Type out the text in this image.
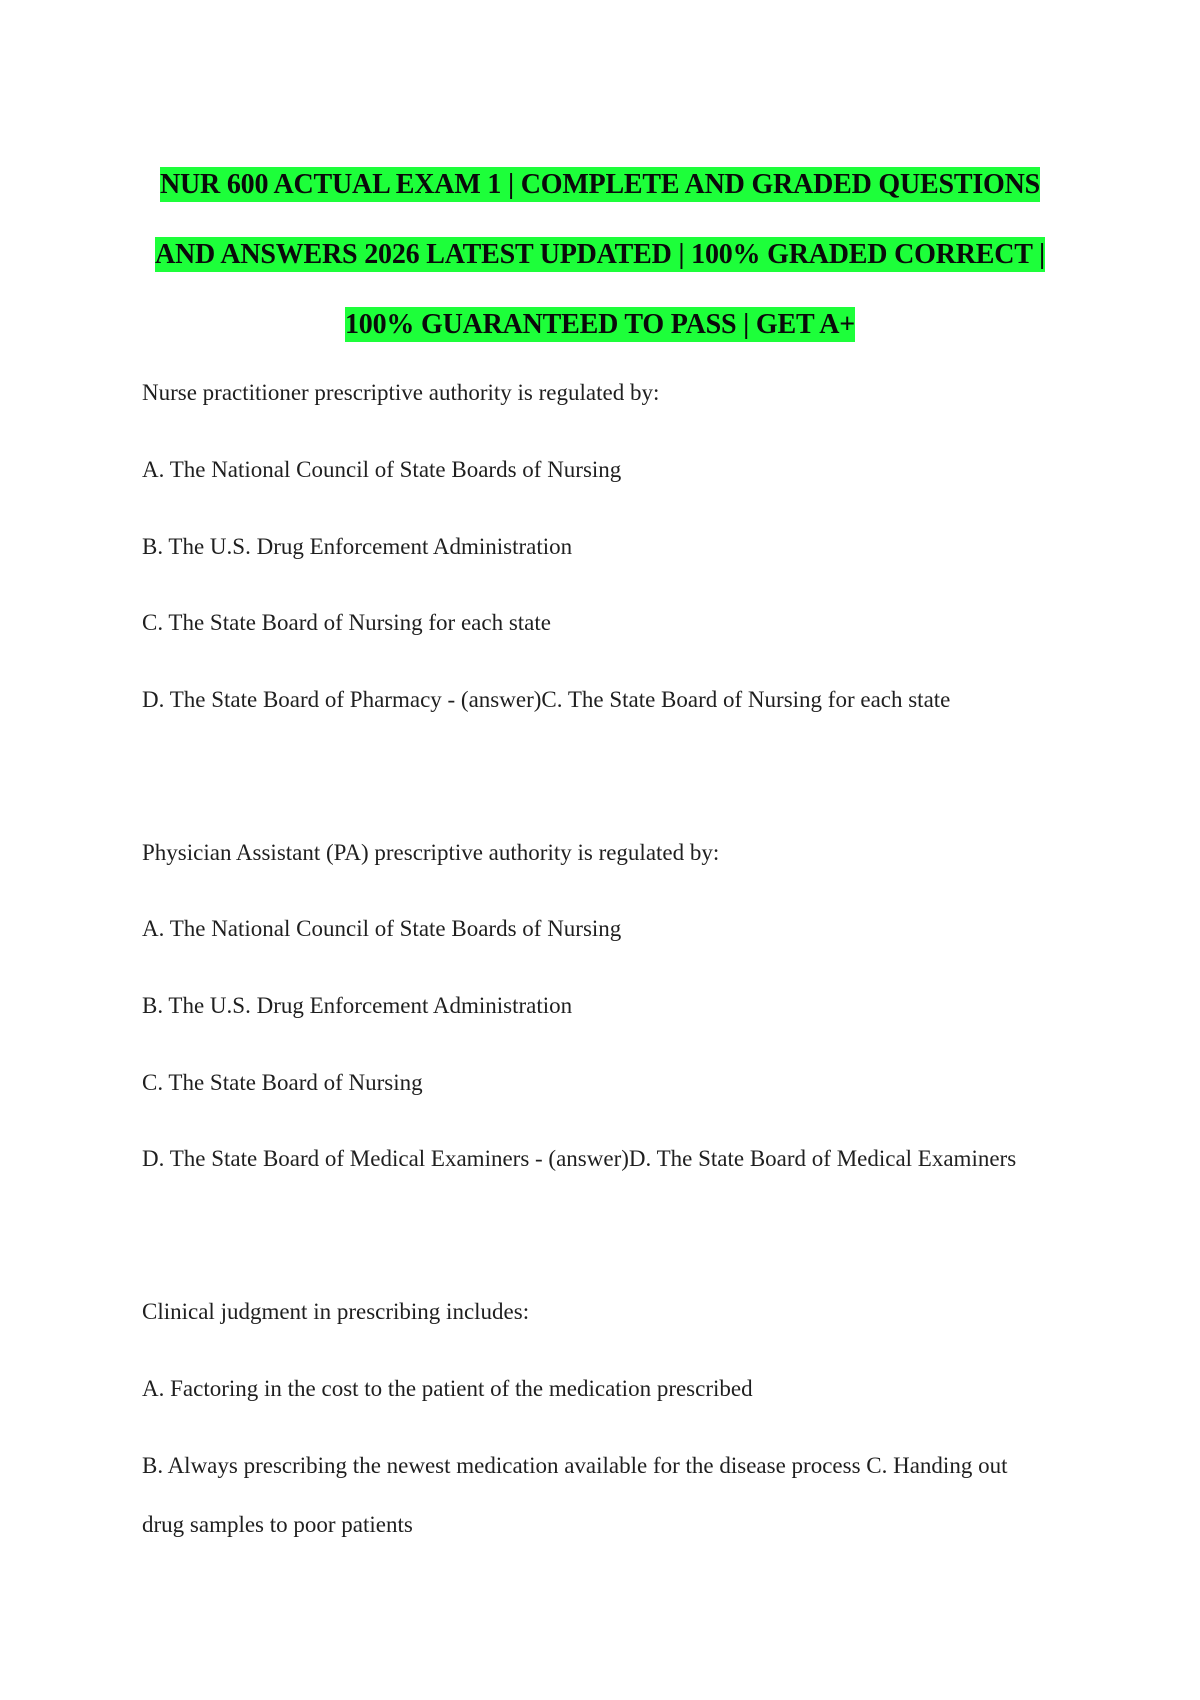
NUR 600 ACTUAL EXAM 1 | COMPLETE AND GRADED QUESTIONS
AND ANSWERS 2026 LATEST UPDATED | 100% GRADED CORRECT |
100% GUARANTEED TO PASS | GET A+
Nurse practitioner prescriptive authority is regulated by:
A. The National Council of State Boards of Nursing
B. The U.S. Drug Enforcement Administration
C. The State Board of Nursing for each state
D. The State Board of Pharmacy - (answer)C. The State Board of Nursing for each state
Physician Assistant (PA) prescriptive authority is regulated by:
A. The National Council of State Boards of Nursing
B. The U.S. Drug Enforcement Administration
C. The State Board of Nursing
D. The State Board of Medical Examiners - (answer)D. The State Board of Medical Examiners
Clinical judgment in prescribing includes:
A. Factoring in the cost to the patient of the medication prescribed
B. Always prescribing the newest medication available for the disease process C. Handing out
drug samples to poor patients
